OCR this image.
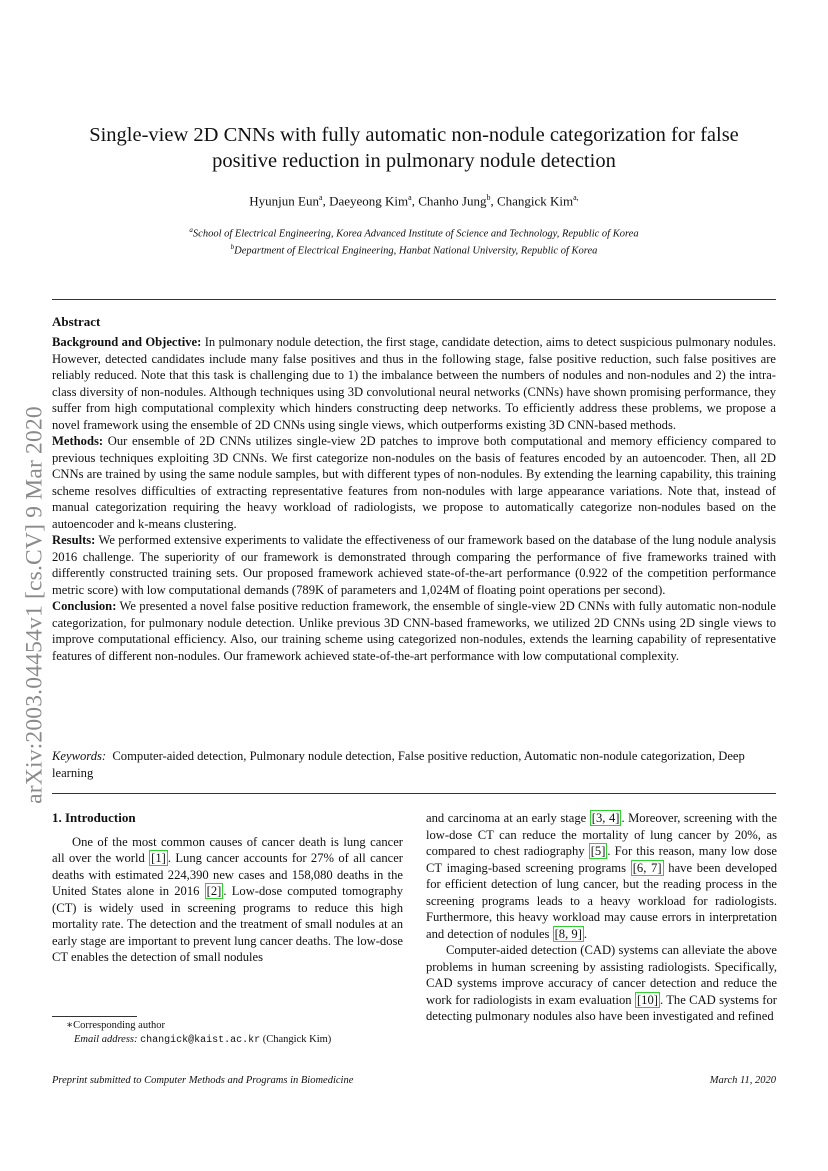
arXiv:2003.04454v1 [cs.CV] 9 Mar 2020
Single-view 2D CNNs with fully automatic non-nodule categorization for false positive reduction in pulmonary nodule detection
Hyunjun Eun$^a$, Daeyeong Kim$^a$, Chanho Jung$^b$, Changick Kim$^{a,}$
$^a$School of Electrical Engineering, Korea Advanced Institute of Science and Technology, Republic of Korea
$^b$Department of Electrical Engineering, Hanbat National University, Republic of Korea
Abstract

Background and Objective: In pulmonary nodule detection, the first stage, candidate detection, aims to detect suspicious pulmonary nodules. However, detected candidates include many false positives and thus in the following stage, false positive reduction, such false positives are reliably reduced. Note that this task is challenging due to 1) the imbalance between the numbers of nodules and non-nodules and 2) the intra-class diversity of non-nodules. Although techniques using 3D convolutional neural networks (CNNs) have shown promising performance, they suffer from high computational complexity which hinders constructing deep networks. To efficiently address these problems, we propose a novel framework using the ensemble of 2D CNNs using single views, which outperforms existing 3D CNN-based methods.

Methods: Our ensemble of 2D CNNs utilizes single-view 2D patches to improve both computational and memory efficiency compared to previous techniques exploiting 3D CNNs. We first categorize non-nodules on the basis of features encoded by an autoencoder. Then, all 2D CNNs are trained by using the same nodule samples, but with different types of non-nodules. By extending the learning capability, this training scheme resolves difficulties of extracting representative features from non-nodules with large appearance variations. Note that, instead of manual categorization requiring the heavy workload of radiologists, we propose to automatically categorize non-nodules based on the autoencoder and k-means clustering.

Results: We performed extensive experiments to validate the effectiveness of our framework based on the database of the lung nodule analysis 2016 challenge. The superiority of our framework is demonstrated through comparing the performance of five frameworks trained with differently constructed training sets. Our proposed framework achieved state-of-the-art performance (0.922 of the competition performance metric score) with low computational demands (789K of parameters and 1,024M of floating point operations per second).

Conclusion: We presented a novel false positive reduction framework, the ensemble of single-view 2D CNNs with fully automatic non-nodule categorization, for pulmonary nodule detection. Unlike previous 3D CNN-based frameworks, we utilized 2D CNNs using 2D single views to improve computational efficiency. Also, our training scheme using categorized non-nodules, extends the learning capability of representative features of different non-nodules. Our framework achieved state-of-the-art performance with low computational complexity.

Keywords: Computer-aided detection, Pulmonary nodule detection, False positive reduction, Automatic non-nodule categorization, Deep learning
1. Introduction

One of the most common causes of cancer death is lung cancer all over the world [1] . Lung cancer accounts for 27% of all cancer deaths with estimated 224,390 new cases and 158,080 deaths in the United States alone in 2016 [2] . Low-dose computed tomography (CT) is widely used in screening programs to reduce this high mortality rate. The detection and the treatment of small nodules at an early stage are important to prevent lung cancer deaths. The low-dose CT enables the detection of small nodules

∗Corresponding author
Email address: changick@kaist.ac.kr (Changick Kim)

and carcinoma at an early stage [3, 4] . Moreover, screening with the low-dose CT can reduce the mortality of lung cancer by 20%, as compared to chest radiography [5] . For this reason, many low dose CT imaging-based screening programs [6, 7] have been developed for efficient detection of lung cancer, but the reading process in the screening programs leads to a heavy workload for radiologists. Furthermore, this heavy workload may cause errors in interpretation and detection of nodules [8, 9] .

Computer-aided detection (CAD) systems can alleviate the above problems in human screening by assisting radiologists. Specifically, CAD systems improve accuracy of cancer detection and reduce the work for radiologists in exam evaluation [10] . The CAD systems for detecting pulmonary nodules also have been investigated and refined

Preprint submitted to Computer Methods and Programs in Biomedicine	March 11, 2020
